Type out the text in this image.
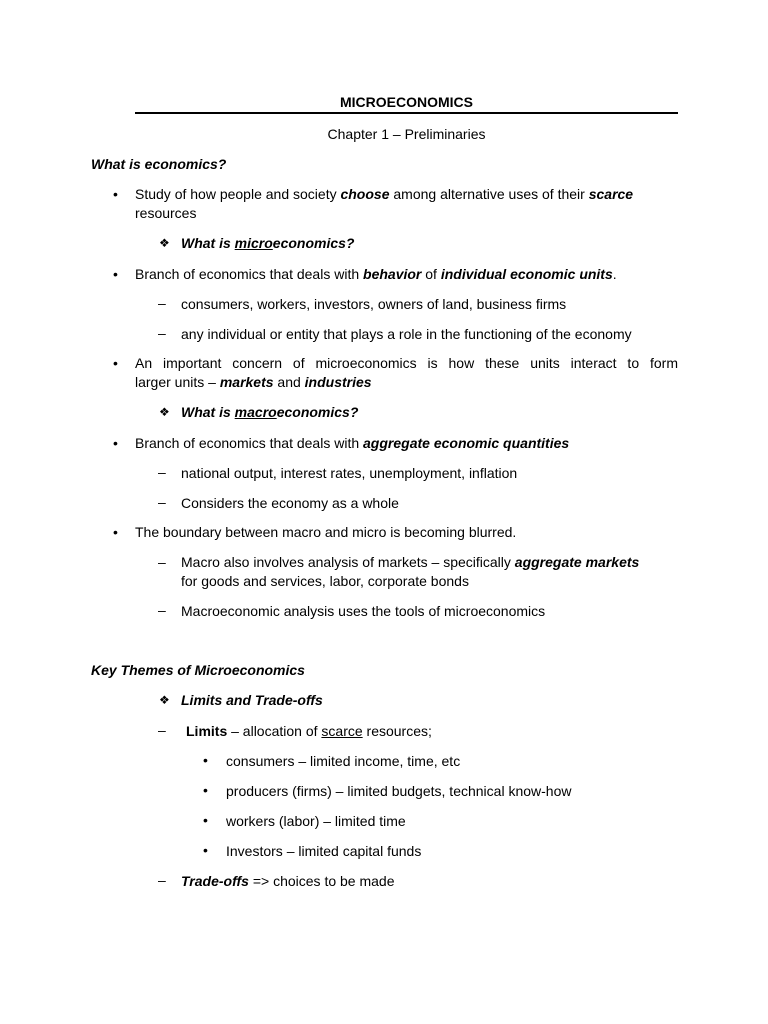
MICROECONOMICS
Chapter 1 – Preliminaries
What is economics?
• Study of how people and society choose among alternative uses of their scarce
resources
❖ What is microeconomics?
• Branch of economics that deals with behavior of individual economic units.
– consumers, workers, investors, owners of land, business firms
– any individual or entity that plays a role in the functioning of the economy
• An important concern of microeconomics is how these units interact to form
larger units – markets and industries
❖ What is macroeconomics?
• Branch of economics that deals with aggregate economic quantities
– national output, interest rates, unemployment, inflation
– Considers the economy as a whole
• The boundary between macro and micro is becoming blurred.
– Macro also involves analysis of markets – specifically aggregate markets
for goods and services, labor, corporate bonds
– Macroeconomic analysis uses the tools of microeconomics
Key Themes of Microeconomics
❖ Limits and Trade-offs
– Limits – allocation of scarce resources;
• consumers – limited income, time, etc
• producers (firms) – limited budgets, technical know-how
• workers (labor) – limited time
• Investors – limited capital funds
– Trade-offs => choices to be made
